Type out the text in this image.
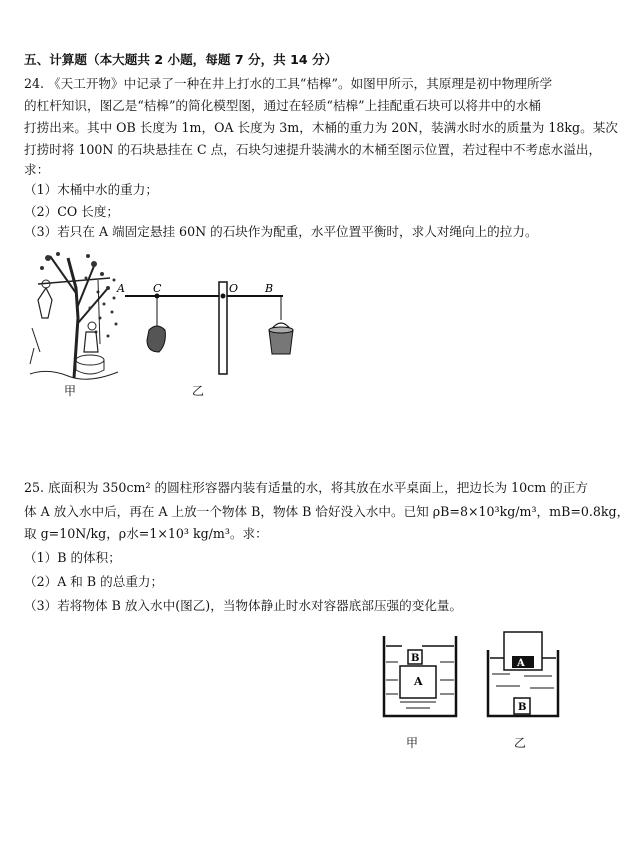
五、计算题（本大题共 2 小题，每题 7 分，共 14 分）
24. 《天工开物》中记录了一种在井上打水的工具“桔槔”。如图甲所示，其原理是初中物理所学
的杠杆知识，图乙是“桔槔”的简化模型图，通过在轻质“桔槔”上挂配重石块可以将井中的水桶
打捞出来。其中 OB 长度为 1m，OA 长度为 3m，木桶的重力为 20N，装满水时水的质量为 18kg。某次
打捞时将 100N 的石块悬挂在 C 点，石块匀速提升装满水的木桶至图示位置，若过程中不考虑水溢出，
求：
（1）木桶中水的重力；
（2）CO 长度；
（3）若只在 A 端固定悬挂 60N 的石块作为配重，水平位置平衡时，求人对绳向上的拉力。
甲
A	C	O B
乙
25. 底面积为 350cm² 的圆柱形容器内装有适量的水，将其放在水平桌面上，把边长为 10cm 的正方
体 A 放入水中后，再在 A 上放一个物体 B，物体 B 恰好没入水中。已知 ρB=8×10³kg/m³，mB=0.8kg，
取 g=10N/kg，ρ水=1×10³ kg/m³。求：
（1）B 的体积；
（2）A 和 B 的总重力；
（3）若将物体 B 放入水中(图乙)，当物体静止时水对容器底部压强的变化量。
B
A
甲
A
B
乙
